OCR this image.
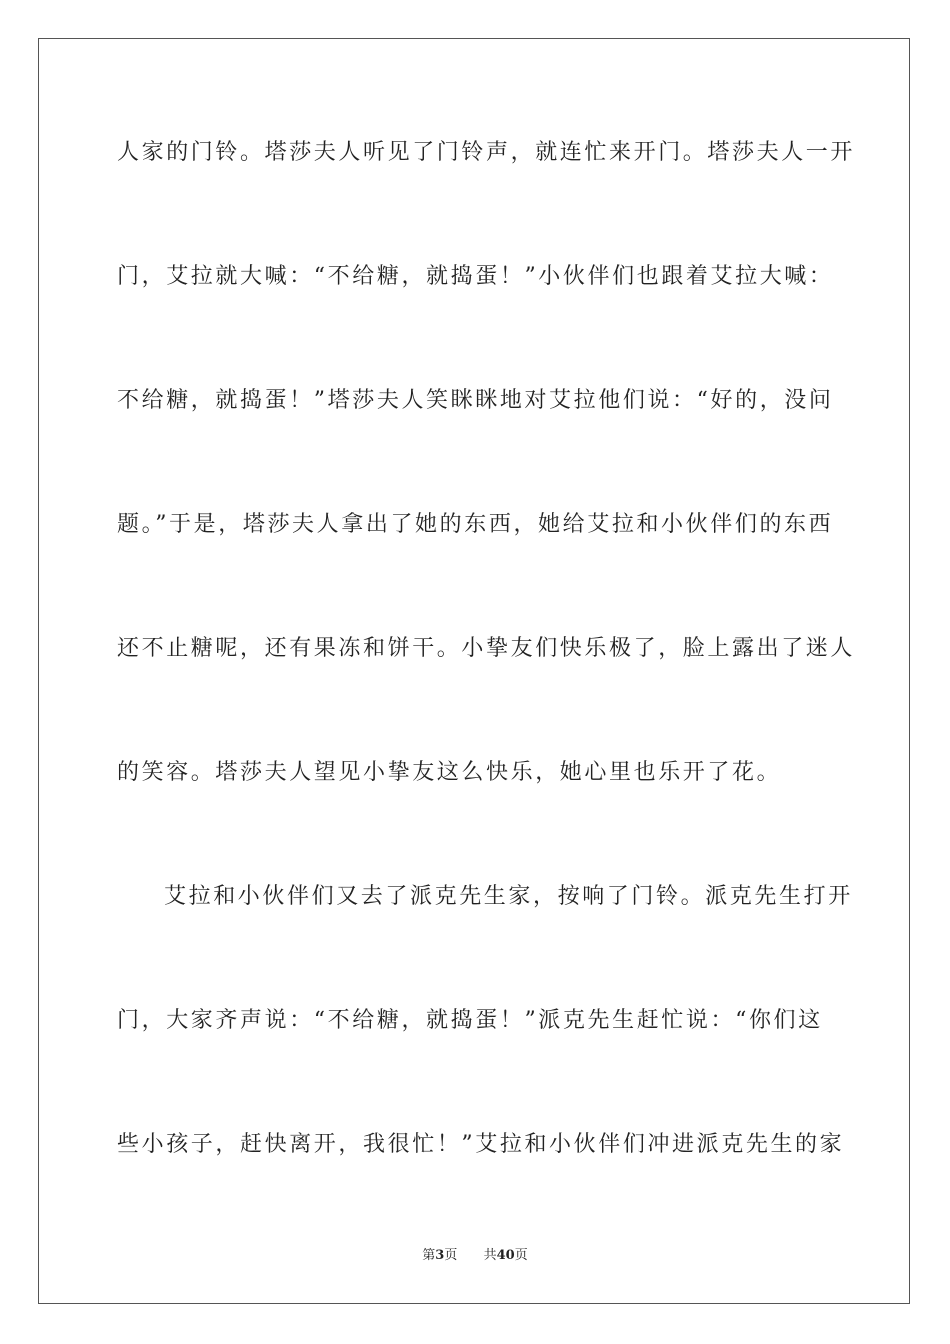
人家的门铃。塔莎夫人听见了门铃声，就连忙来开门。塔莎夫人一开
门，艾拉就大喊：“不给糖，就捣蛋！”小伙伴们也跟着艾拉大喊：
不给糖，就捣蛋！”塔莎夫人笑眯眯地对艾拉他们说：“好的，没问
题。”于是，塔莎夫人拿出了她的东西，她给艾拉和小伙伴们的东西
还不止糖呢，还有果冻和饼干。小挚友们快乐极了，脸上露出了迷人
的笑容。塔莎夫人望见小挚友这么快乐，她心里也乐开了花。
艾拉和小伙伴们又去了派克先生家，按响了门铃。派克先生打开
门，大家齐声说：“不给糖，就捣蛋！”派克先生赶忙说：“你们这
些小孩子，赶快离开，我很忙！”艾拉和小伙伴们冲进派克先生的家
第3页 共40页
